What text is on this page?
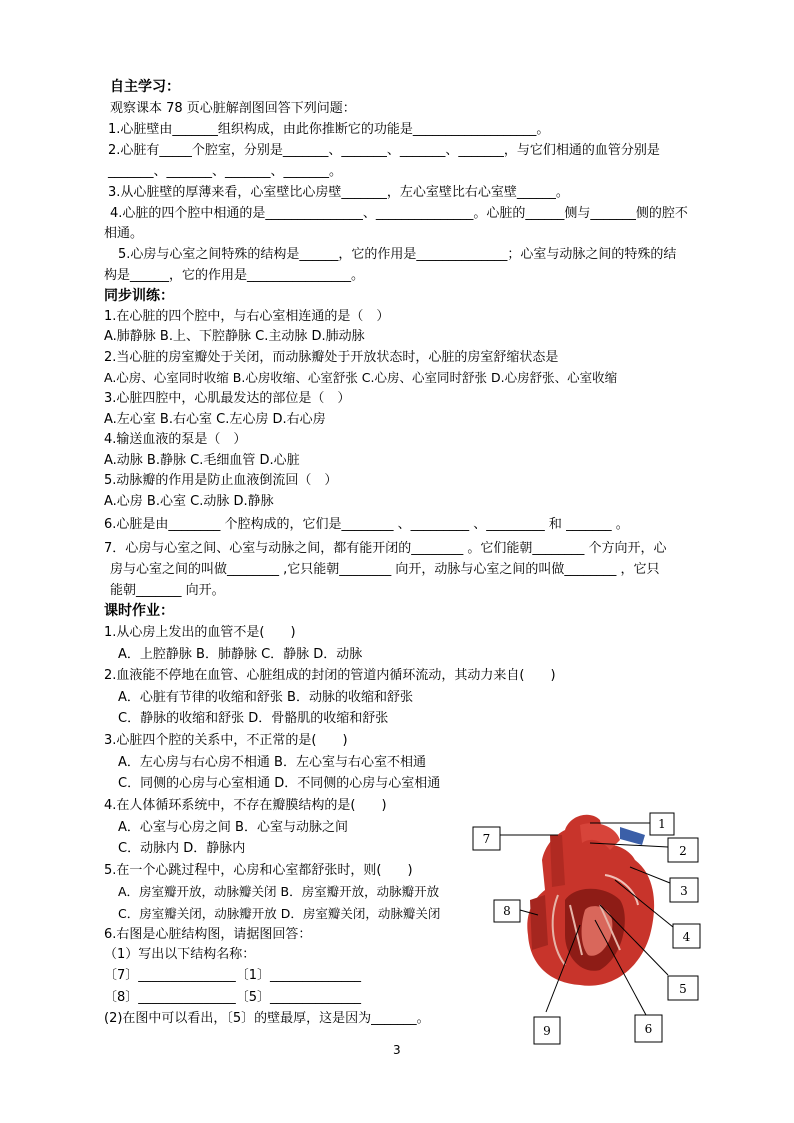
自主学习：
观察课本 78 页心脏解剖图回答下列问题：
1.心脏壁由_______组织构成，由此你推断它的功能是___________________。
2.心脏有_____个腔室，分别是_______、_______、_______、_______，与它们相通的血管分别是
_______、_______、_______、_______。
3.从心脏壁的厚薄来看，心室壁比心房壁_______，左心室壁比右心室壁______。
4.心脏的四个腔中相通的是_______________、_______________。心脏的______侧与_______侧的腔不
相通。
5.心房与心室之间特殊的结构是______，它的作用是______________；心室与动脉之间的特殊的结
构是______，它的作用是________________。
同步训练：
1.在心脏的四个腔中，与右心室相连通的是（　）
A.肺静脉 B.上、下腔静脉 C.主动脉 D.肺动脉
2.当心脏的房室瓣处于关闭，而动脉瓣处于开放状态时，心脏的房室舒缩状态是
A.心房、心室同时收缩 B.心房收缩、心室舒张 C.心房、心室同时舒张 D.心房舒张、心室收缩
3.心脏四腔中，心肌最发达的部位是（　）
A.左心室 B.右心室 C.左心房 D.右心房
4.输送血液的泵是（　）
A.动脉 B.静脉 C.毛细血管 D.心脏
5.动脉瓣的作用是防止血液倒流回（　）
A.心房 B.心室 C.动脉 D.静脉
6.心脏是由________ 个腔构成的，它们是________ 、_________ 、_________ 和 _______ 。
7．心房与心室之间、心室与动脉之间，都有能开闭的________ 。它们能朝________ 个方向开，心
房与心室之间的叫做________ ,它只能朝________ 向开，动脉与心室之间的叫做________ ，它只
能朝_______ 向开。
课时作业：
1.从心房上发出的血管不是(　　)
A．上腔静脉 B．肺静脉 C．静脉 D．动脉
2.血液能不停地在血管、心脏组成的封闭的管道内循环流动，其动力来自(　　)
A．心脏有节律的收缩和舒张 B．动脉的收缩和舒张
C．静脉的收缩和舒张 D．骨骼肌的收缩和舒张
3.心脏四个腔的关系中，不正常的是(　　)
A．左心房与右心房不相通 B．左心室与右心室不相通
C．同侧的心房与心室相通 D．不同侧的心房与心室相通
4.在人体循环系统中，不存在瓣膜结构的是(　　)
A．心室与心房之间 B．心室与动脉之间
C．动脉内 D．静脉内
5.在一个心跳过程中，心房和心室都舒张时，则(　　)
A．房室瓣开放，动脉瓣关闭 B．房室瓣开放，动脉瓣开放
C．房室瓣关闭，动脉瓣开放 D．房室瓣关闭，动脉瓣关闭
6.右图是心脏结构图，请据图回答：
（1）写出以下结构名称：
〔7〕_______________〔1〕______________
〔8〕_______________〔5〕______________
(2)在图中可以看出，〔5〕的壁最厚，这是因为_______。
7
1
2
3
4
8
5
9	6
3
